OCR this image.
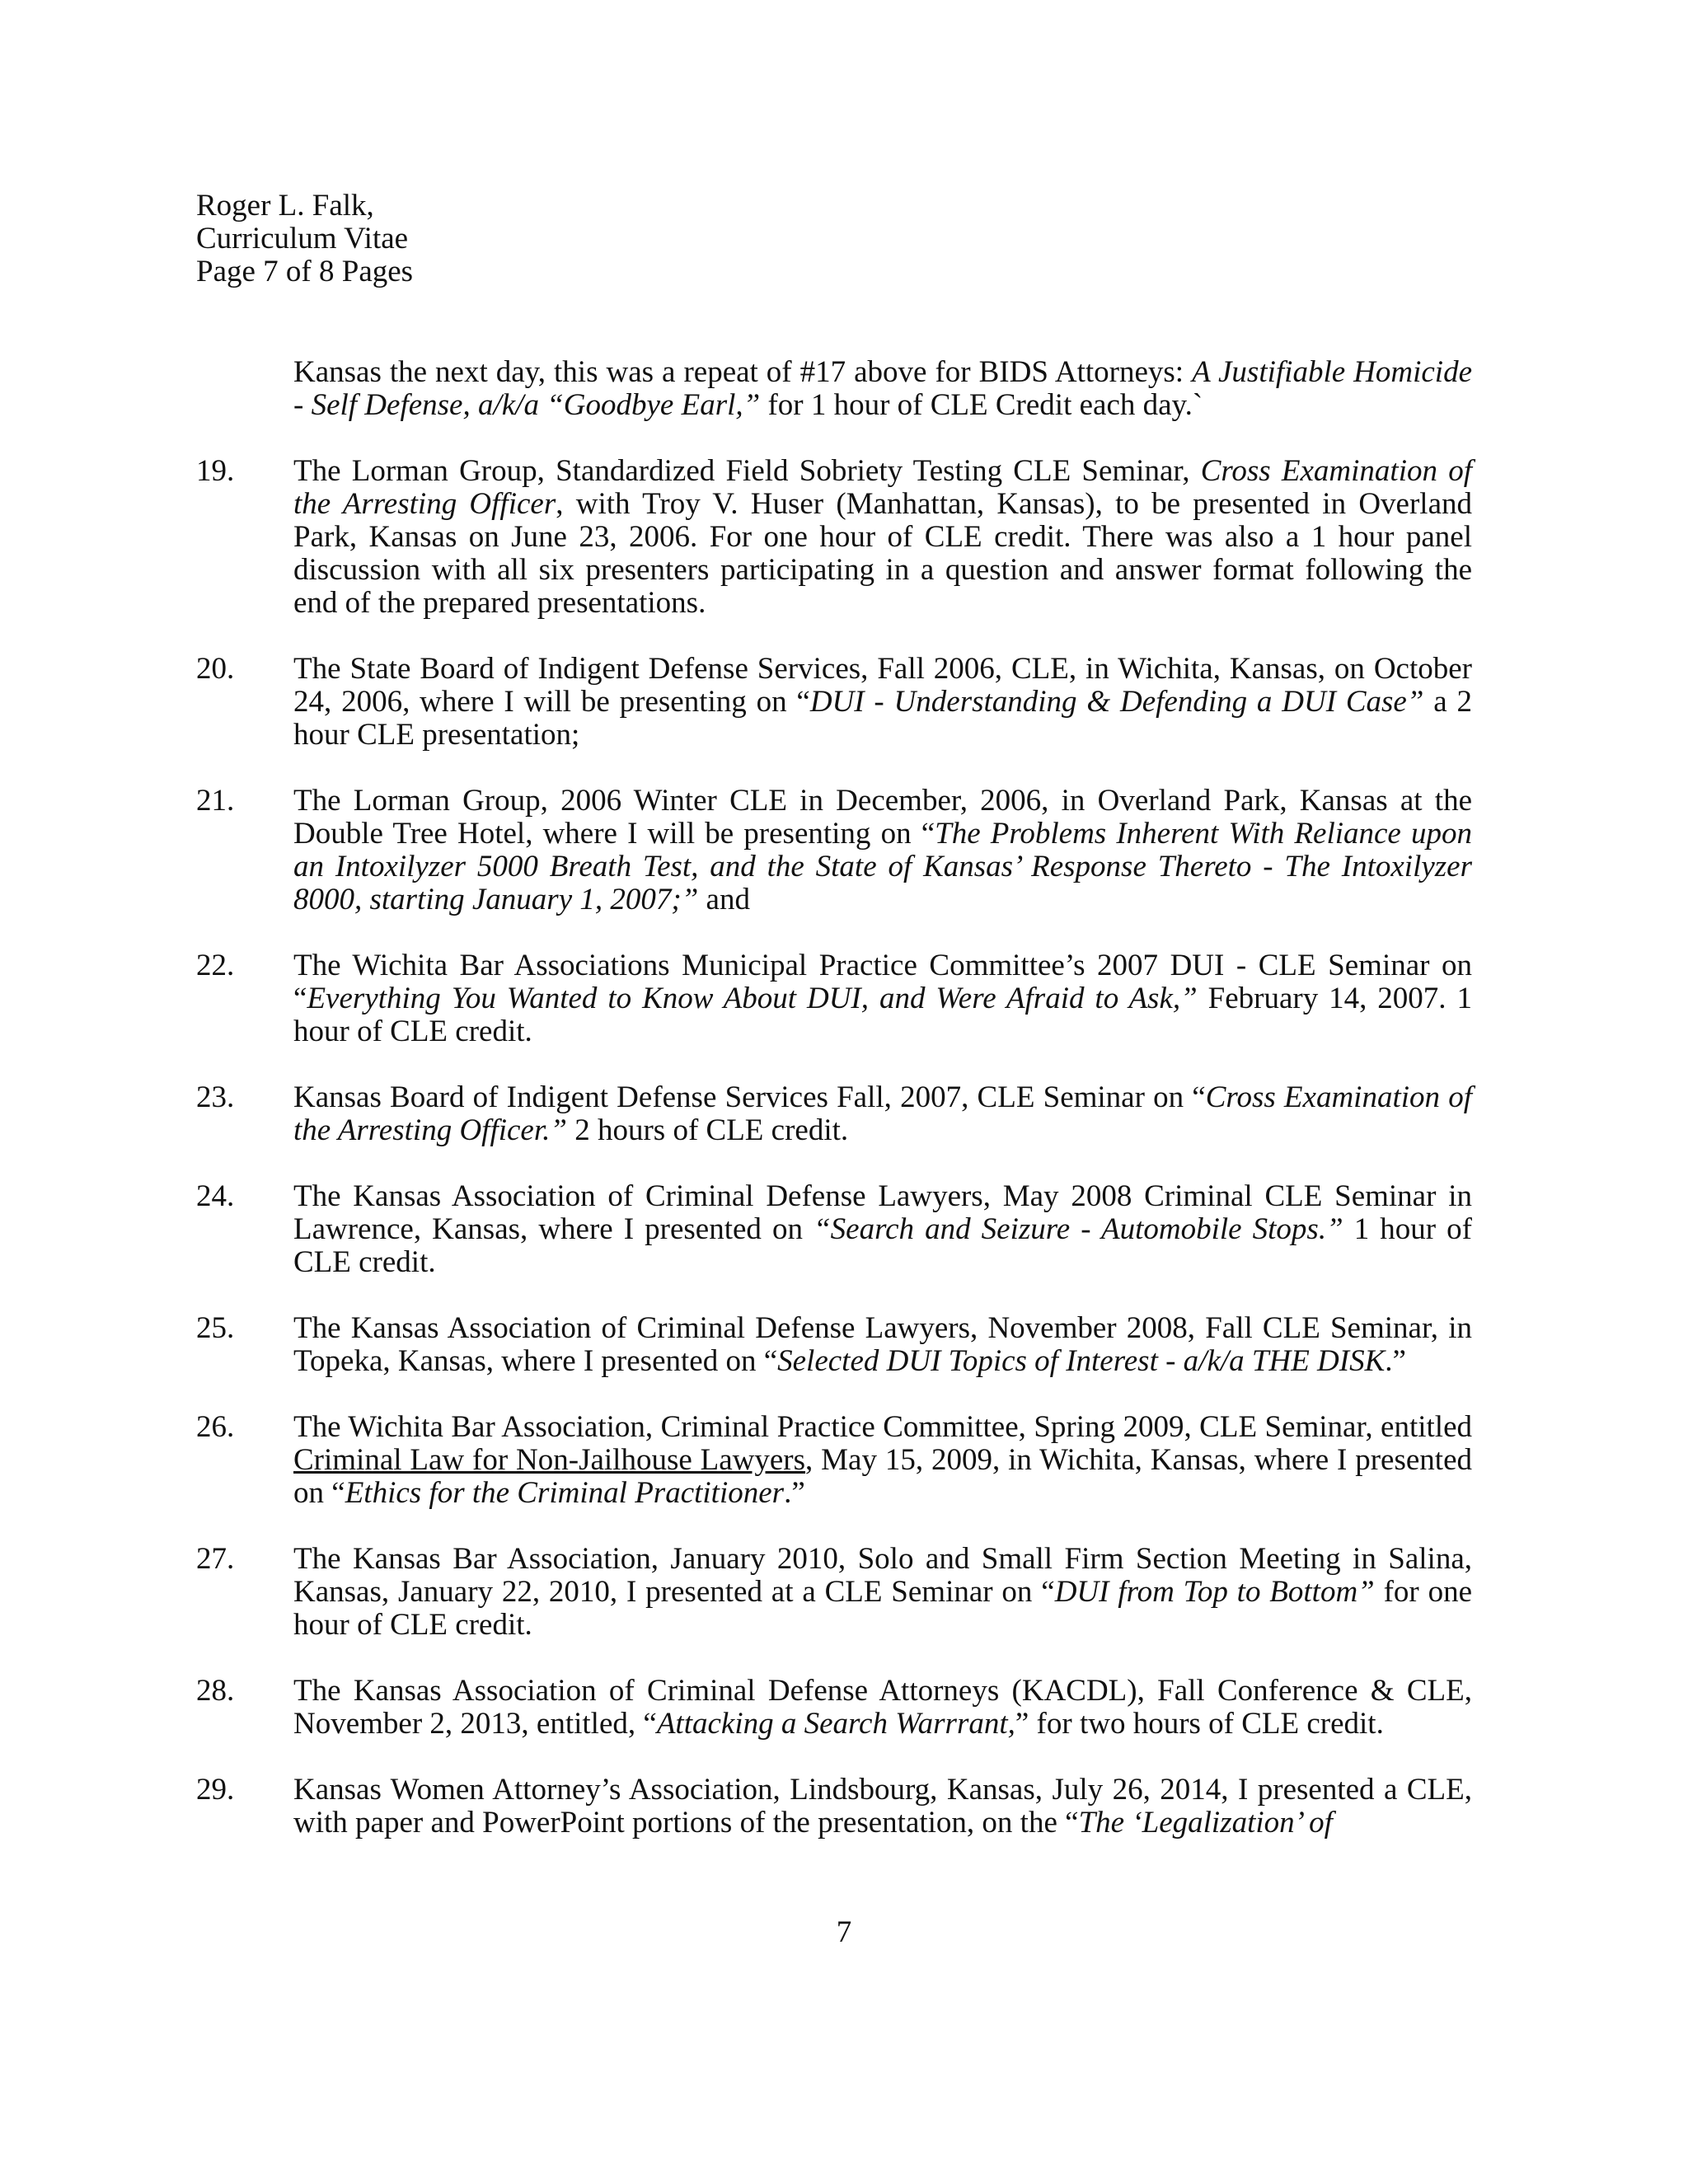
Roger L. Falk,
Curriculum Vitae
Page 7 of 8 Pages

Kansas the next day, this was a repeat of #17 above for BIDS Attorneys: A Justifiable Homicide - Self Defense, a/k/a “Goodbye Earl,” for 1 hour of CLE Credit each day.`

19. The Lorman Group, Standardized Field Sobriety Testing CLE Seminar, Cross Examination of the Arresting Officer, with Troy V. Huser (Manhattan, Kansas), to be presented in Overland Park, Kansas on June 23, 2006. For one hour of CLE credit. There was also a 1 hour panel discussion with all six presenters participating in a question and answer format following the end of the prepared presentations.

20. The State Board of Indigent Defense Services, Fall 2006, CLE, in Wichita, Kansas, on October 24, 2006, where I will be presenting on “DUI - Understanding & Defending a DUI Case” a 2 hour CLE presentation;

21. The Lorman Group, 2006 Winter CLE in December, 2006, in Overland Park, Kansas at the Double Tree Hotel, where I will be presenting on “The Problems Inherent With Reliance upon an Intoxilyzer 5000 Breath Test, and the State of Kansas’ Response Thereto - The Intoxilyzer 8000, starting January 1, 2007;” and

22. The Wichita Bar Associations Municipal Practice Committee’s 2007 DUI - CLE Seminar on “Everything You Wanted to Know About DUI, and Were Afraid to Ask,” February 14, 2007. 1 hour of CLE credit.

23. Kansas Board of Indigent Defense Services Fall, 2007, CLE Seminar on “Cross Examination of the Arresting Officer.” 2 hours of CLE credit.

24. The Kansas Association of Criminal Defense Lawyers, May 2008 Criminal CLE Seminar in Lawrence, Kansas, where I presented on “Search and Seizure - Automobile Stops.” 1 hour of CLE credit.

25. The Kansas Association of Criminal Defense Lawyers, November 2008, Fall CLE Seminar, in Topeka, Kansas, where I presented on “Selected DUI Topics of Interest - a/k/a THE DISK.”

26. The Wichita Bar Association, Criminal Practice Committee, Spring 2009, CLE Seminar, entitled Criminal Law for Non-Jailhouse Lawyers, May 15, 2009, in Wichita, Kansas, where I presented on “Ethics for the Criminal Practitioner.”

27. The Kansas Bar Association, January 2010, Solo and Small Firm Section Meeting in Salina, Kansas, January 22, 2010, I presented at a CLE Seminar on “DUI from Top to Bottom” for one hour of CLE credit.

28. The Kansas Association of Criminal Defense Attorneys (KACDL), Fall Conference & CLE, November 2, 2013, entitled, “Attacking a Search Warrrant,” for two hours of CLE credit.

29. Kansas Women Attorney’s Association, Lindsbourg, Kansas, July 26, 2014, I presented a CLE, with paper and PowerPoint portions of the presentation, on the “The ‘Legalization’ of

7
